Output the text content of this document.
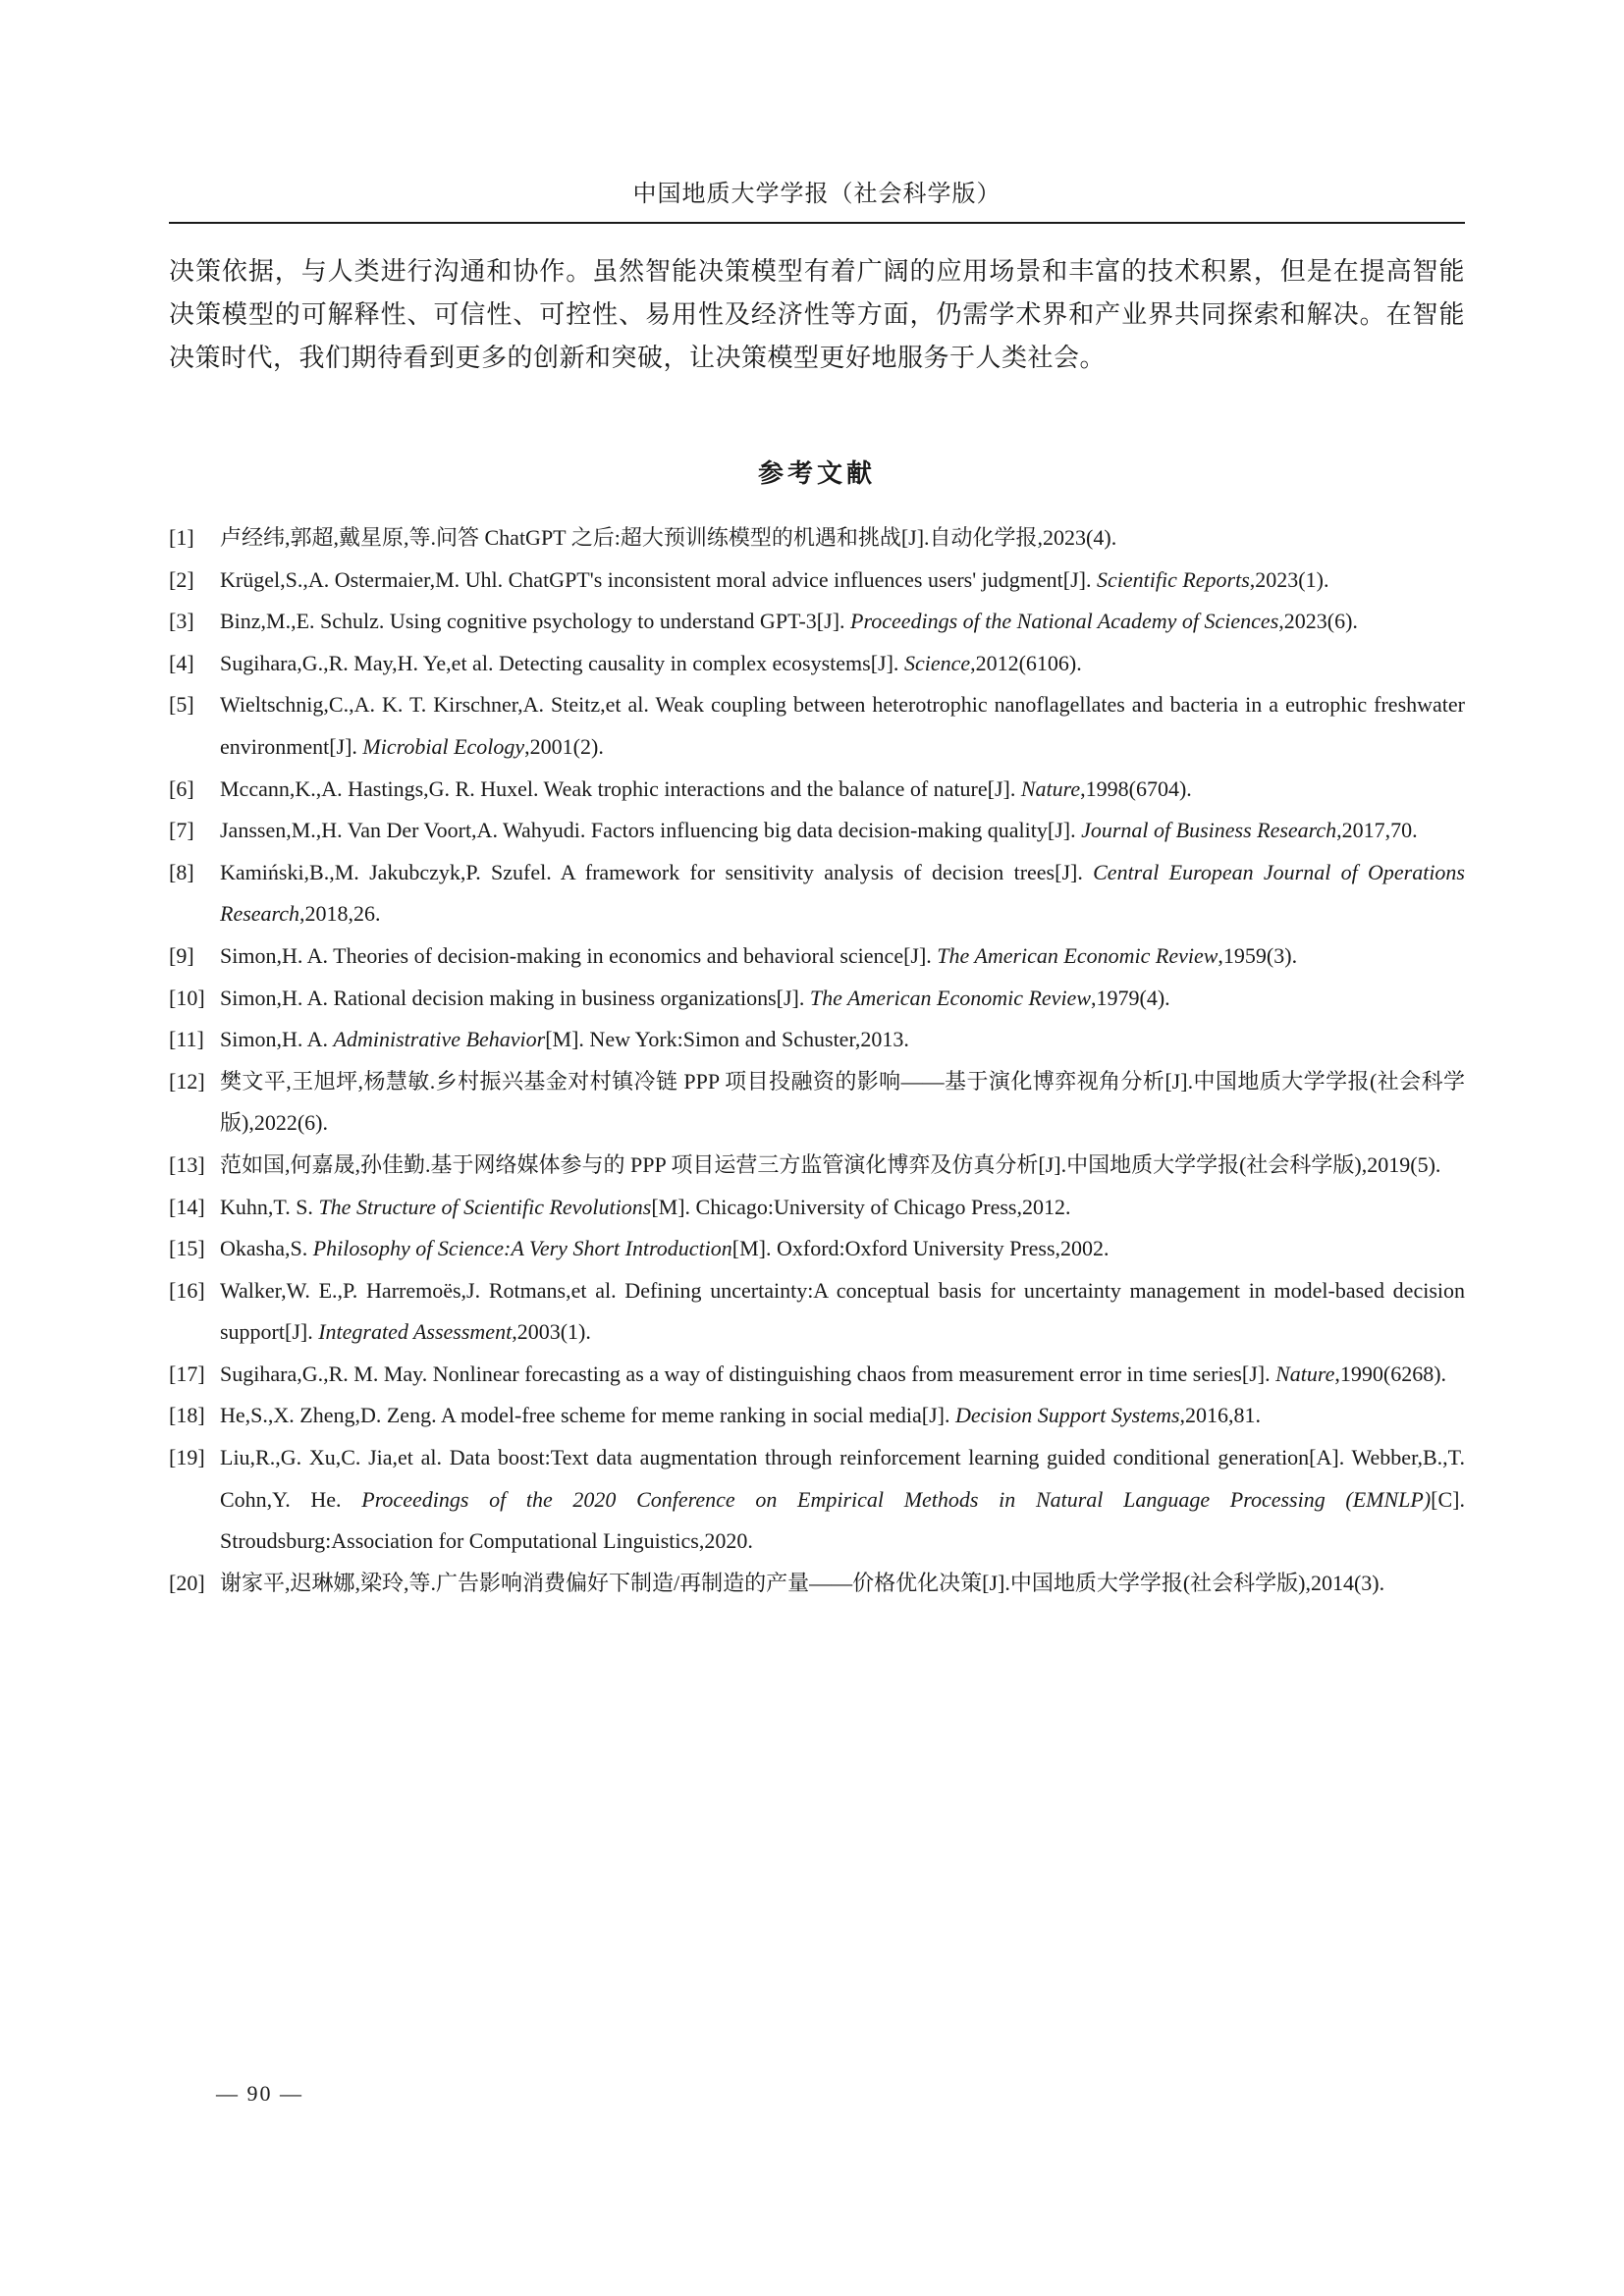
中国地质大学学报（社会科学版）

决策依据，与人类进行沟通和协作。虽然智能决策模型有着广阔的应用场景和丰富的技术积累，但是在提高智能决策模型的可解释性、可信性、可控性、易用性及经济性等方面，仍需学术界和产业界共同探索和解决。在智能决策时代，我们期待看到更多的创新和突破，让决策模型更好地服务于人类社会。

参考文献
[1] 卢经纬,郭超,戴星原,等.问答 ChatGPT 之后:超大预训练模型的机遇和挑战[J].自动化学报,2023(4).
[2] Krügel,S.,A. Ostermaier,M. Uhl. ChatGPT's inconsistent moral advice influences users' judgment[J]. Scientific Reports,2023(1).
[3] Binz,M.,E. Schulz. Using cognitive psychology to understand GPT-3[J]. Proceedings of the National Academy of Sciences,2023(6).
[4] Sugihara,G.,R. May,H. Ye,et al. Detecting causality in complex ecosystems[J]. Science,2012(6106).
[5] Wieltschnig,C.,A. K. T. Kirschner,A. Steitz,et al. Weak coupling between heterotrophic nanoflagellates and bacteria in a eutrophic freshwater environment[J]. Microbial Ecology,2001(2).
[6] Mccann,K.,A. Hastings,G. R. Huxel. Weak trophic interactions and the balance of nature[J]. Nature,1998(6704).
[7] Janssen,M.,H. Van Der Voort,A. Wahyudi. Factors influencing big data decision-making quality[J]. Journal of Business Research,2017,70.
[8] Kamiński,B.,M. Jakubczyk,P. Szufel. A framework for sensitivity analysis of decision trees[J]. Central European Journal of Operations Research,2018,26.
[9] Simon,H. A. Theories of decision-making in economics and behavioral science[J]. The American Economic Review,1959(3).
[10] Simon,H. A. Rational decision making in business organizations[J]. The American Economic Review,1979(4).
[11] Simon,H. A. Administrative Behavior[M]. New York:Simon and Schuster,2013.
[12] 樊文平,王旭坪,杨慧敏.乡村振兴基金对村镇冷链 PPP 项目投融资的影响——基于演化博弈视角分析[J].中国地质大学学报(社会科学版),2022(6).
[13] 范如国,何嘉晟,孙佳勤.基于网络媒体参与的 PPP 项目运营三方监管演化博弈及仿真分析[J].中国地质大学学报(社会科学版),2019(5).
[14] Kuhn,T. S. The Structure of Scientific Revolutions[M]. Chicago:University of Chicago Press,2012.
[15] Okasha,S. Philosophy of Science:A Very Short Introduction[M]. Oxford:Oxford University Press,2002.
[16] Walker,W. E.,P. Harremoës,J. Rotmans,et al. Defining uncertainty:A conceptual basis for uncertainty management in model-based decision support[J]. Integrated Assessment,2003(1).
[17] Sugihara,G.,R. M. May. Nonlinear forecasting as a way of distinguishing chaos from measurement error in time series[J]. Nature,1990(6268).
[18] He,S.,X. Zheng,D. Zeng. A model-free scheme for meme ranking in social media[J]. Decision Support Systems,2016,81.
[19] Liu,R.,G. Xu,C. Jia,et al. Data boost:Text data augmentation through reinforcement learning guided conditional generation[A]. Webber,B.,T. Cohn,Y. He. Proceedings of the 2020 Conference on Empirical Methods in Natural Language Processing (EMNLP)[C]. Stroudsburg:Association for Computational Linguistics,2020.
[20] 谢家平,迟琳娜,梁玲,等.广告影响消费偏好下制造/再制造的产量——价格优化决策[J].中国地质大学学报(社会科学版),2014(3).
— 90 —
